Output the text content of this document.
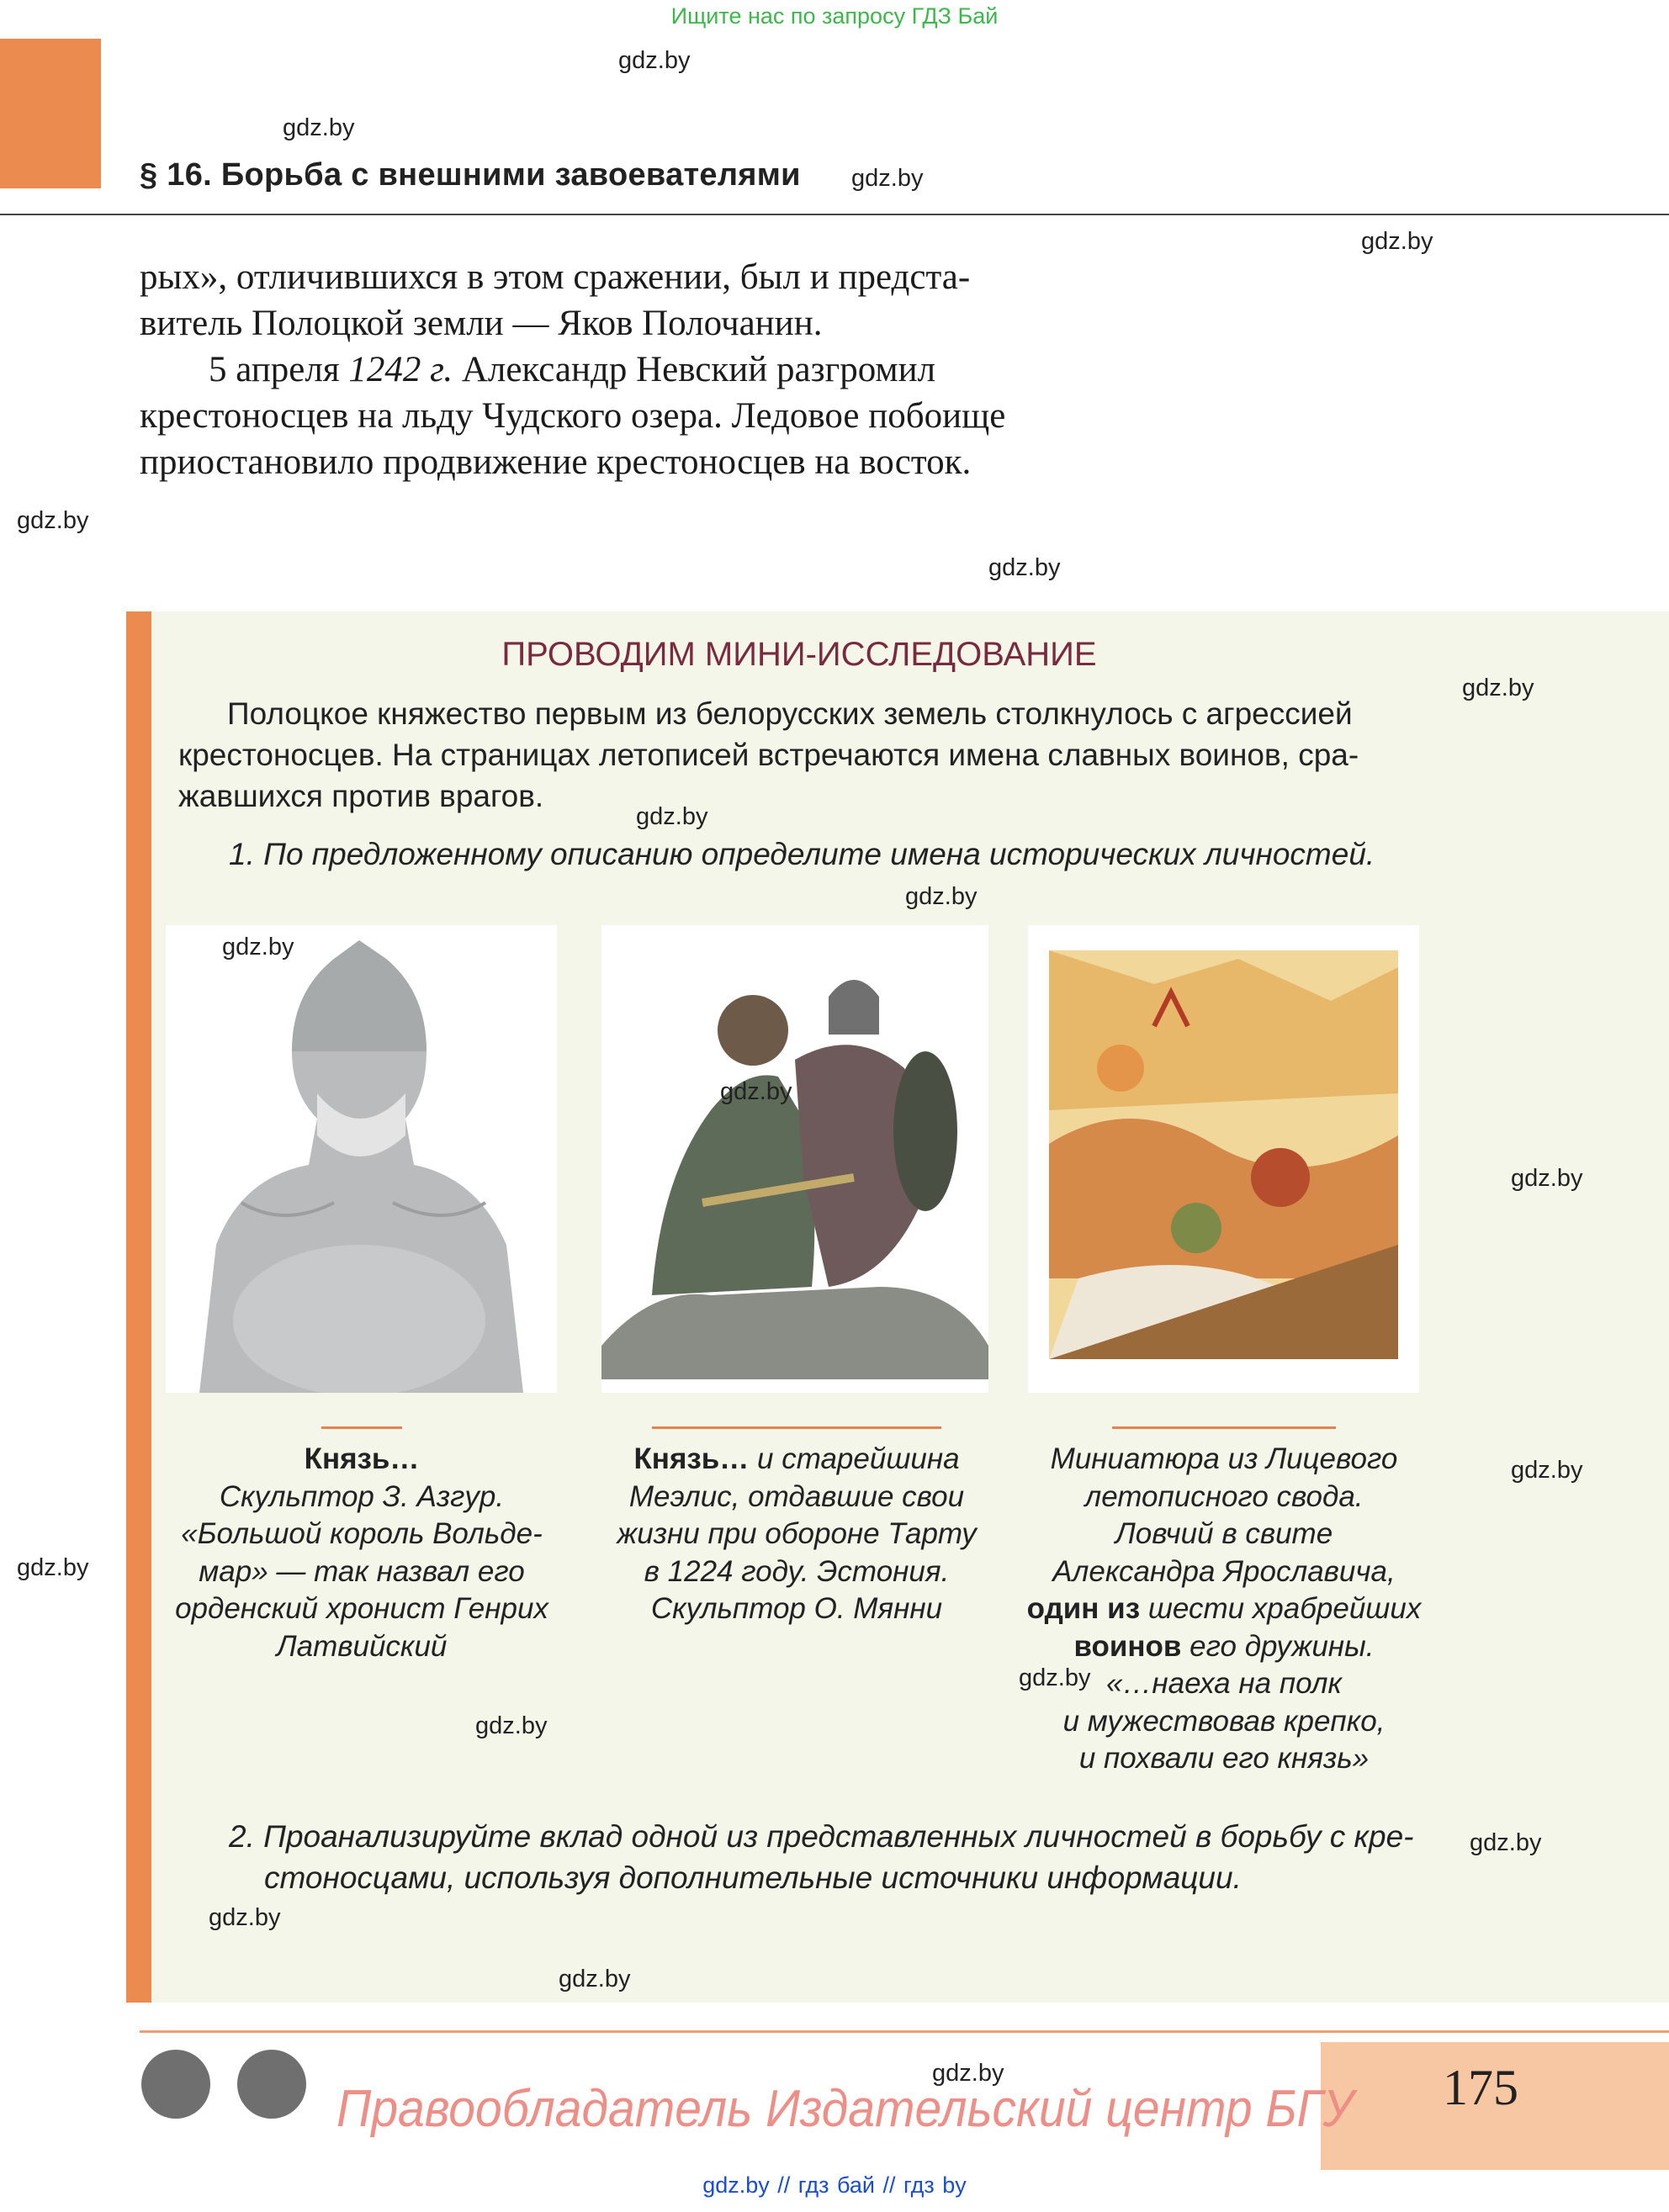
Ищите нас по запросу ГДЗ Бай
§ 16. Борьба с внешними завоевателями
рых», отличившихся в этом сражении, был и предста-
витель Полоцкой земли — Яков Полочанин.
5 апреля 1242 г. Александр Невский разгромил
крестоносцев на льду Чудского озера. Ледовое побоище
приостановило продвижение крестоносцев на восток.
ПРОВОДИМ МИНИ-ИССЛЕДОВАНИЕ
Полоцкое княжество первым из белорусских земель столкнулось с агрессией
крестоносцев. На страницах летописей встречаются имена славных воинов, сра-
жавшихся против врагов.
1. По предложенному описанию определите имена исторических личностей.
Князь…
Скульптор З. Азгур.
«Большой король Вольде-
мар» — так назвал его
орденский хронист Генрих
Латвийский
Князь… и старейшина
Меэлис, отдавшие свои
жизни при обороне Тарту
в 1224 году. Эстония.
Скульптор О. Мянни
Миниатюра из Лицевого
летописного свода.
Ловчий в свите
Александра Ярославича,
один из шести храбрейших
воинов его дружины.
«…наеха на полк
и мужествовав крепко,
и похвали его князь»
2. Проанализируйте вклад одной из представленных личностей в борьбу с кре-
стоносцами, используя дополнительные источники информации.
175
Правообладатель Издательский центр БГУ
gdz.by // гдз бай // гдз by
gdz.by
gdz.by
gdz.by
gdz.by
gdz.by
gdz.by
gdz.by
gdz.by
gdz.by
gdz.by
gdz.by
gdz.by
gdz.by
gdz.by
gdz.by
gdz.by
gdz.by
gdz.by
gdz.by
gdz.by
